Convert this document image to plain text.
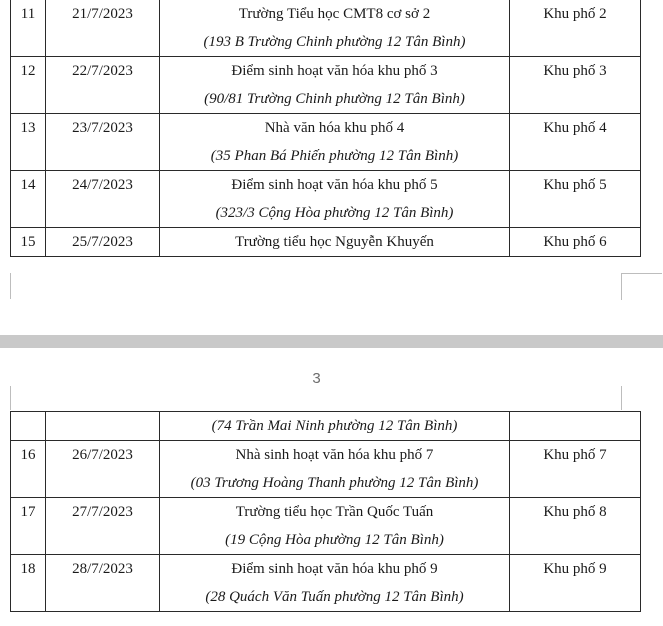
11	21/7/2023	Trường Tiểu học CMT8 cơ sở 2
(193 B Trường Chinh phường 12 Tân Bình)	Khu phố 2

12	22/7/2023	Điểm sinh hoạt văn hóa khu phố 3
(90/81 Trường Chinh phường 12 Tân Bình)	Khu phố 3

13	23/7/2023	Nhà văn hóa khu phố 4
(35 Phan Bá Phiến phường 12 Tân Bình)	Khu phố 4

14	24/7/2023	Điểm sinh hoạt văn hóa khu phố 5
(323/3 Cộng Hòa phường 12 Tân Bình)	Khu phố 5

15	25/7/2023	Trường tiểu học Nguyễn Khuyến	Khu phố 6
3

		(74 Trần Mai Ninh phường 12 Tân Bình)	

16	26/7/2023	Nhà sinh hoạt văn hóa khu phố 7
(03 Trương Hoàng Thanh phường 12 Tân Bình)	Khu phố 7

17	27/7/2023	Trường tiểu học Trần Quốc Tuấn
(19 Cộng Hòa phường 12 Tân Bình)	Khu phố 8

18	28/7/2023	Điểm sinh hoạt văn hóa khu phố 9
(28 Quách Văn Tuấn phường 12 Tân Bình)	Khu phố 9
